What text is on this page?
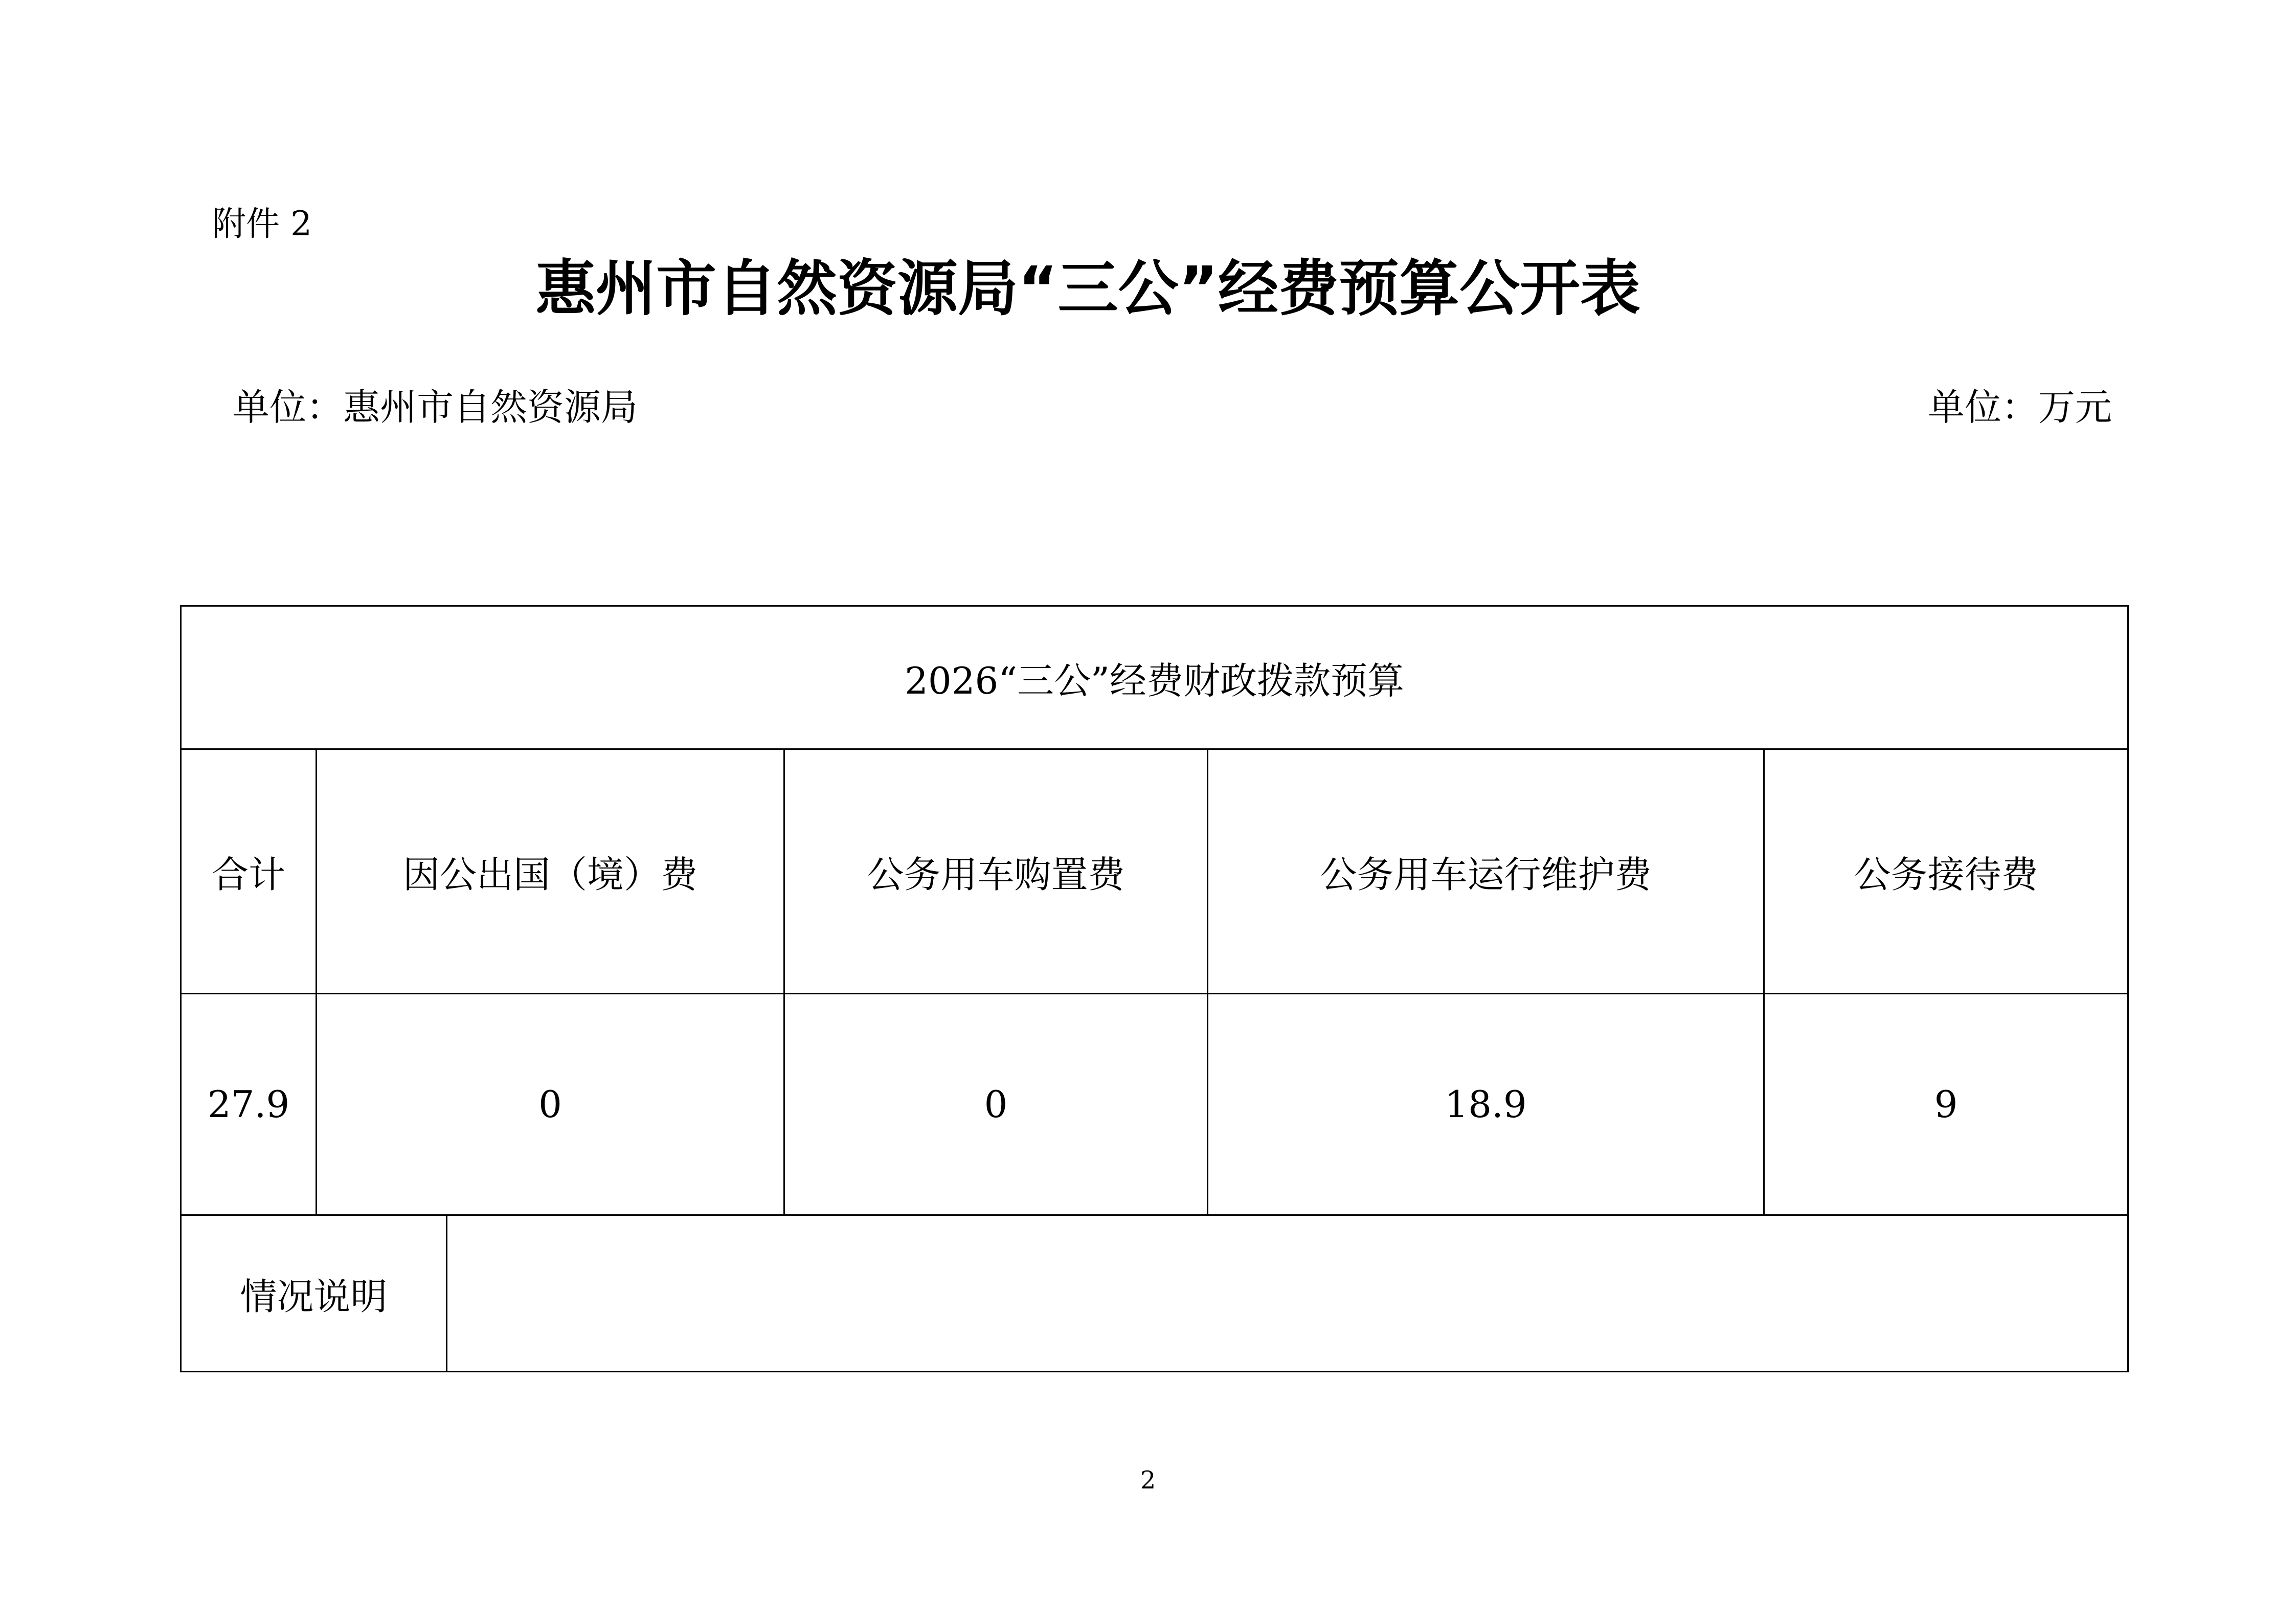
附件 2
惠州市自然资源局“三公”经费预算公开表
单位：惠州市自然资源局	单位：万元
2026“三公”经费财政拨款预算					
合计	因公出国（境）费		公务用车购置费	公务用车运行维护费	公务接待费
27.9	0		0	18.9	9
情况说明					
2
